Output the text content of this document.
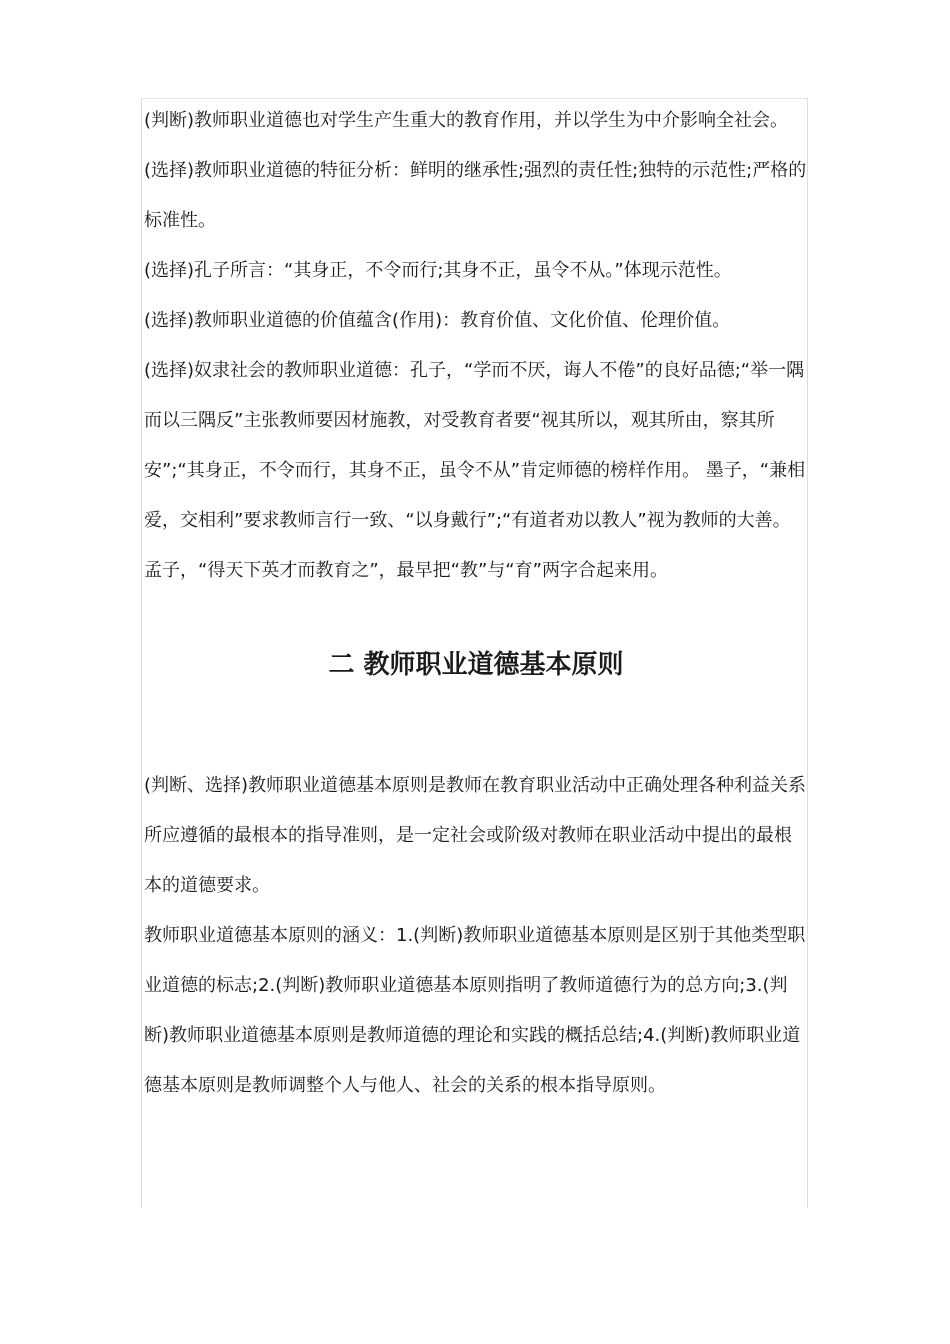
(判断)教师职业道德也对学生产生重大的教育作用，并以学生为中介影响全社会。

(选择)教师职业道德的特征分析：鲜明的继承性;强烈的责任性;独特的示范性;严格的标准性。

(选择)孔子所言：“其身正，不令而行;其身不正，虽令不从。”体现示范性。

(选择)教师职业道德的价值蕴含(作用)：教育价值、文化价值、伦理价值。

(选择)奴隶社会的教师职业道德：孔子，“学而不厌，诲人不倦”的良好品德;“举一隅而以三隅反”主张教师要因材施教，对受教育者要“视其所以，观其所由，察其所安”;“其身正，不令而行，其身不正，虽令不从”肯定师德的榜样作用。 墨子，“兼相爱，交相利”要求教师言行一致、“以身戴行”;“有道者劝以教人”视为教师的大善。孟子，“得天下英才而教育之”，最早把“教”与“育”两字合起来用。

二 教师职业道德基本原则

(判断、选择)教师职业道德基本原则是教师在教育职业活动中正确处理各种利益关系所应遵循的最根本的指导准则，是一定社会或阶级对教师在职业活动中提出的最根本的道德要求。

教师职业道德基本原则的涵义：1.(判断)教师职业道德基本原则是区别于其他类型职业道德的标志;2.(判断)教师职业道德基本原则指明了教师道德行为的总方向;3.(判断)教师职业道德基本原则是教师道德的理论和实践的概括总结;4.(判断)教师职业道德基本原则是教师调整个人与他人、社会的关系的根本指导原则。
